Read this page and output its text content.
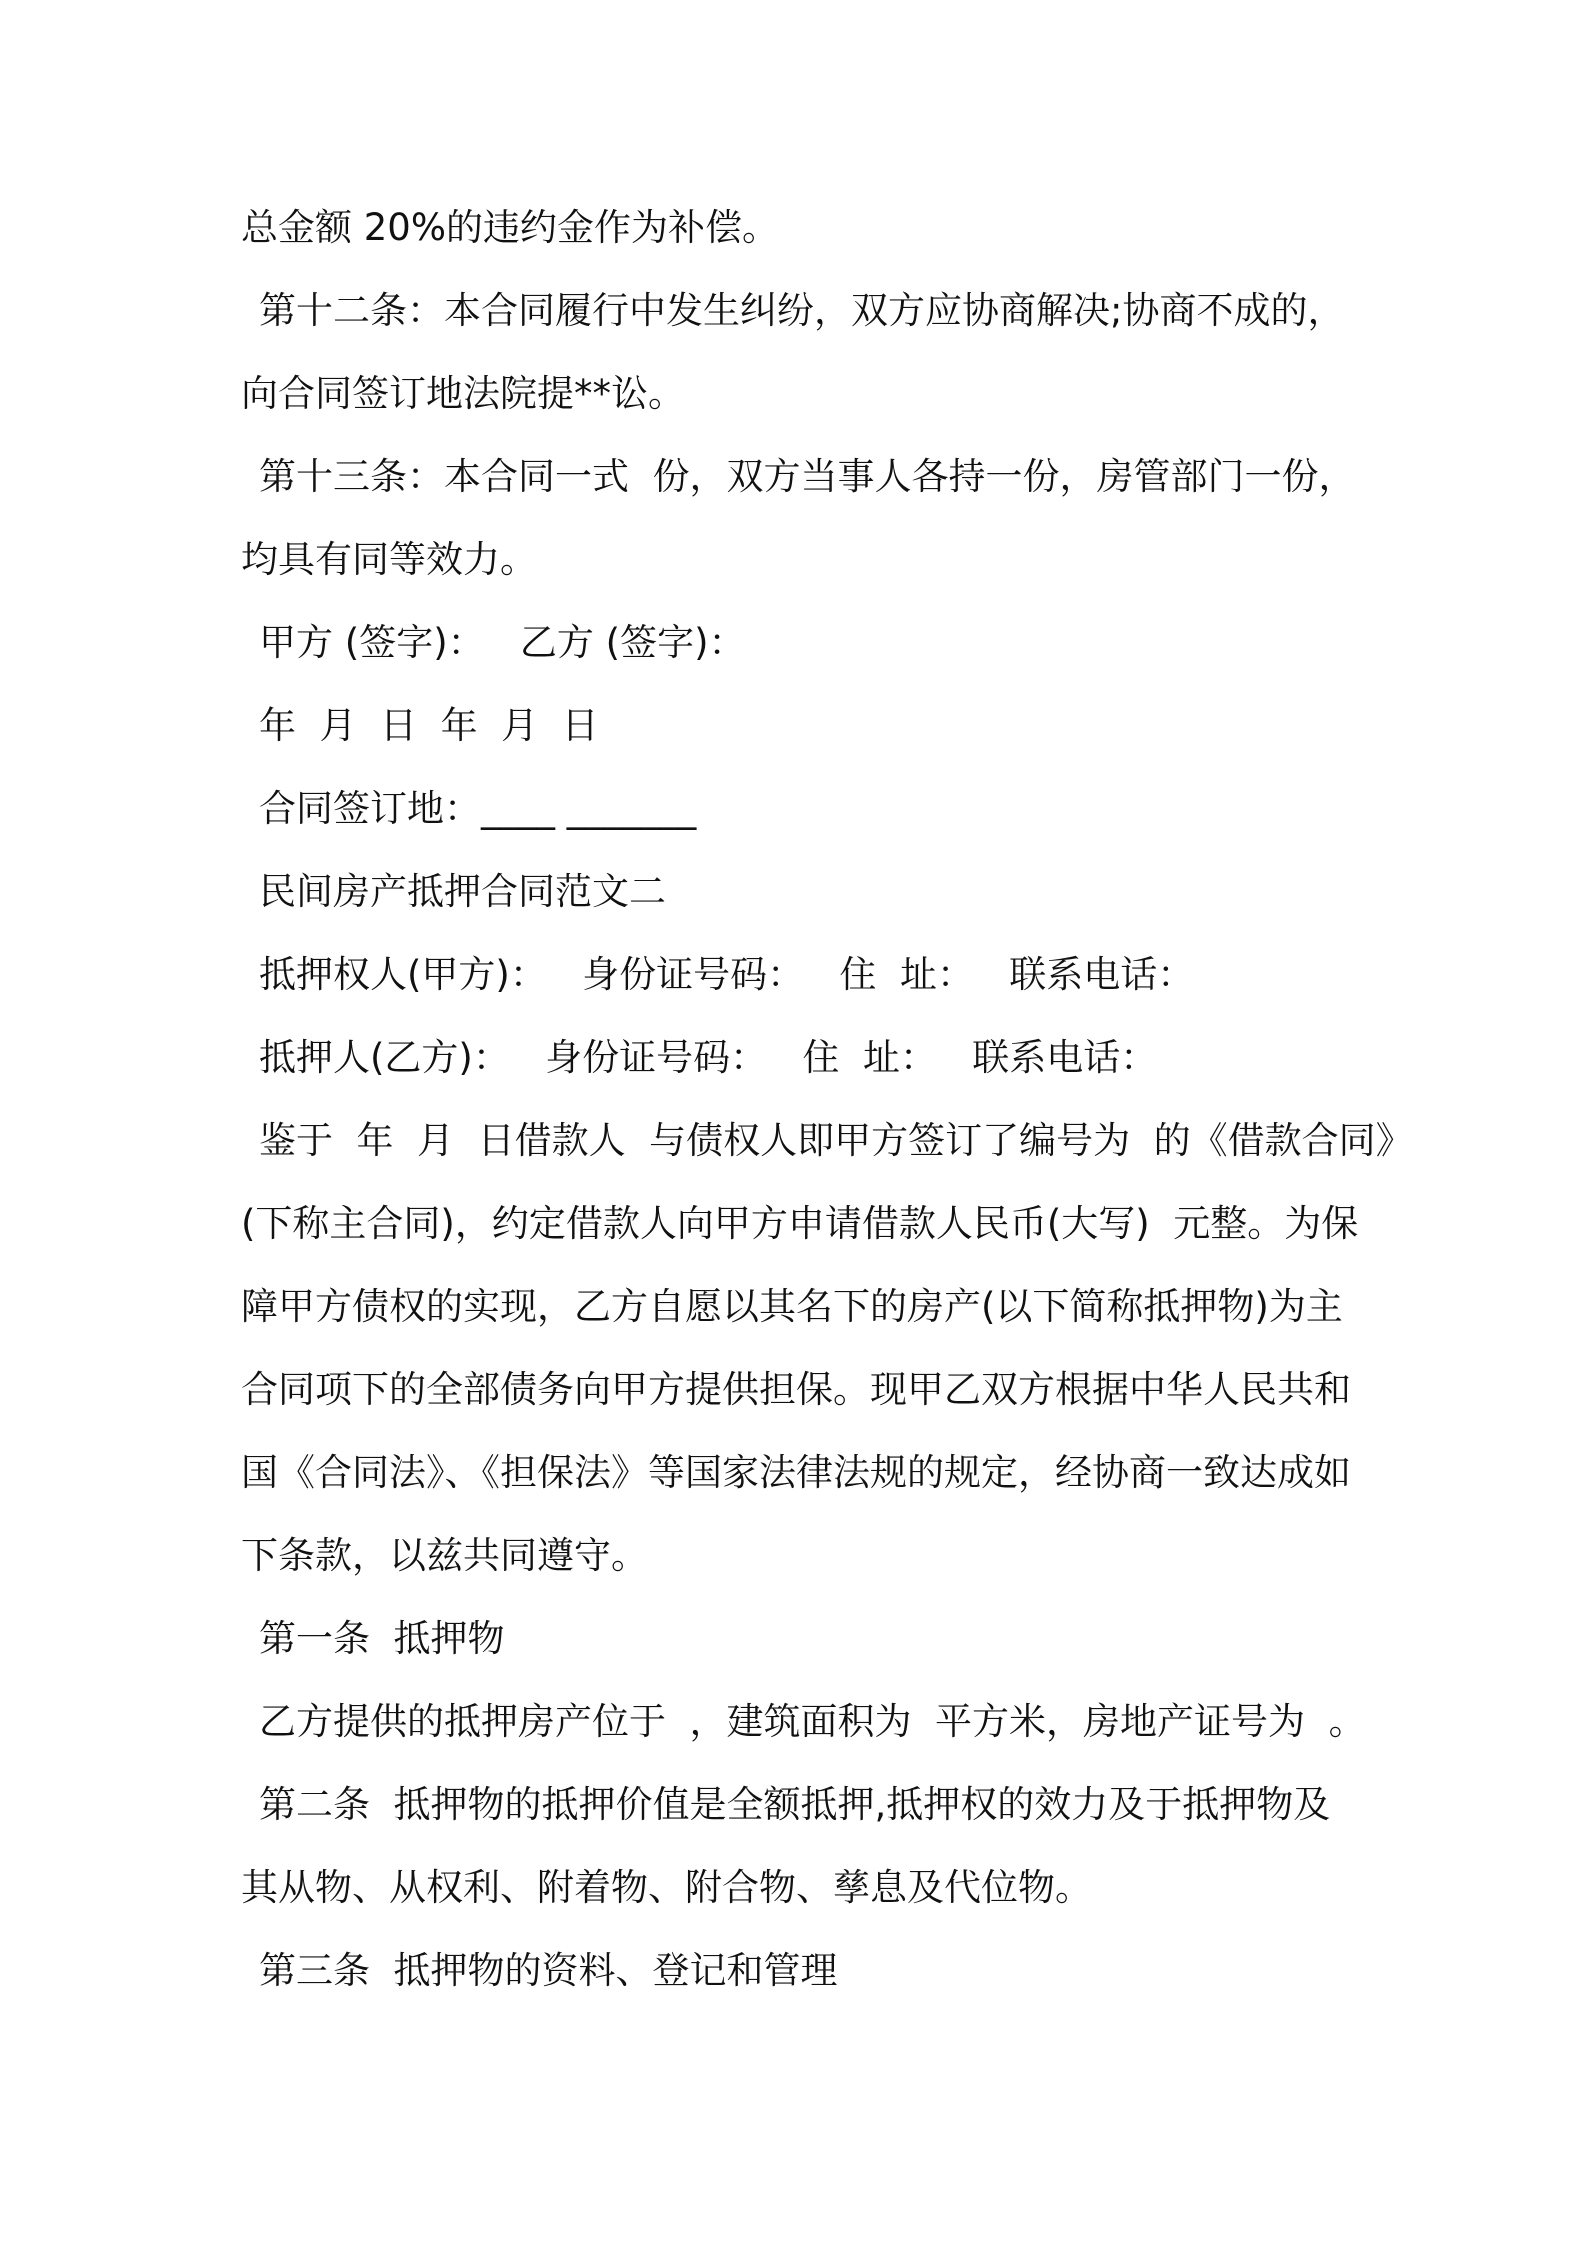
总金额 20%的违约金作为补偿。
第十二条：本合同履行中发生纠纷，双方应协商解决;协商不成的，
向合同签订地法院提**讼。
第十三条：本合同一式  份，双方当事人各持一份，房管部门一份，
均具有同等效力。
甲方 (签字)：   乙方 (签字)：
年  月  日  年  月  日
合同签订地：____ _______
民间房产抵押合同范文二
抵押权人(甲方)：   身份证号码：   住  址：   联系电话：
抵押人(乙方)：   身份证号码：   住  址：   联系电话：
鉴于  年  月  日借款人  与债权人即甲方签订了编号为  的《借款合同》
(下称主合同)，约定借款人向甲方申请借款人民币(大写)  元整。为保
障甲方债权的实现，乙方自愿以其名下的房产(以下简称抵押物)为主
合同项下的全部债务向甲方提供担保。现甲乙双方根据中华人民共和
国《合同法》、《担保法》等国家法律法规的规定，经协商一致达成如
下条款，以兹共同遵守。
第一条  抵押物
乙方提供的抵押房产位于  ，建筑面积为  平方米，房地产证号为  。
第二条  抵押物的抵押价值是全额抵押,抵押权的效力及于抵押物及
其从物、从权利、附着物、附合物、孳息及代位物。
第三条  抵押物的资料、登记和管理
